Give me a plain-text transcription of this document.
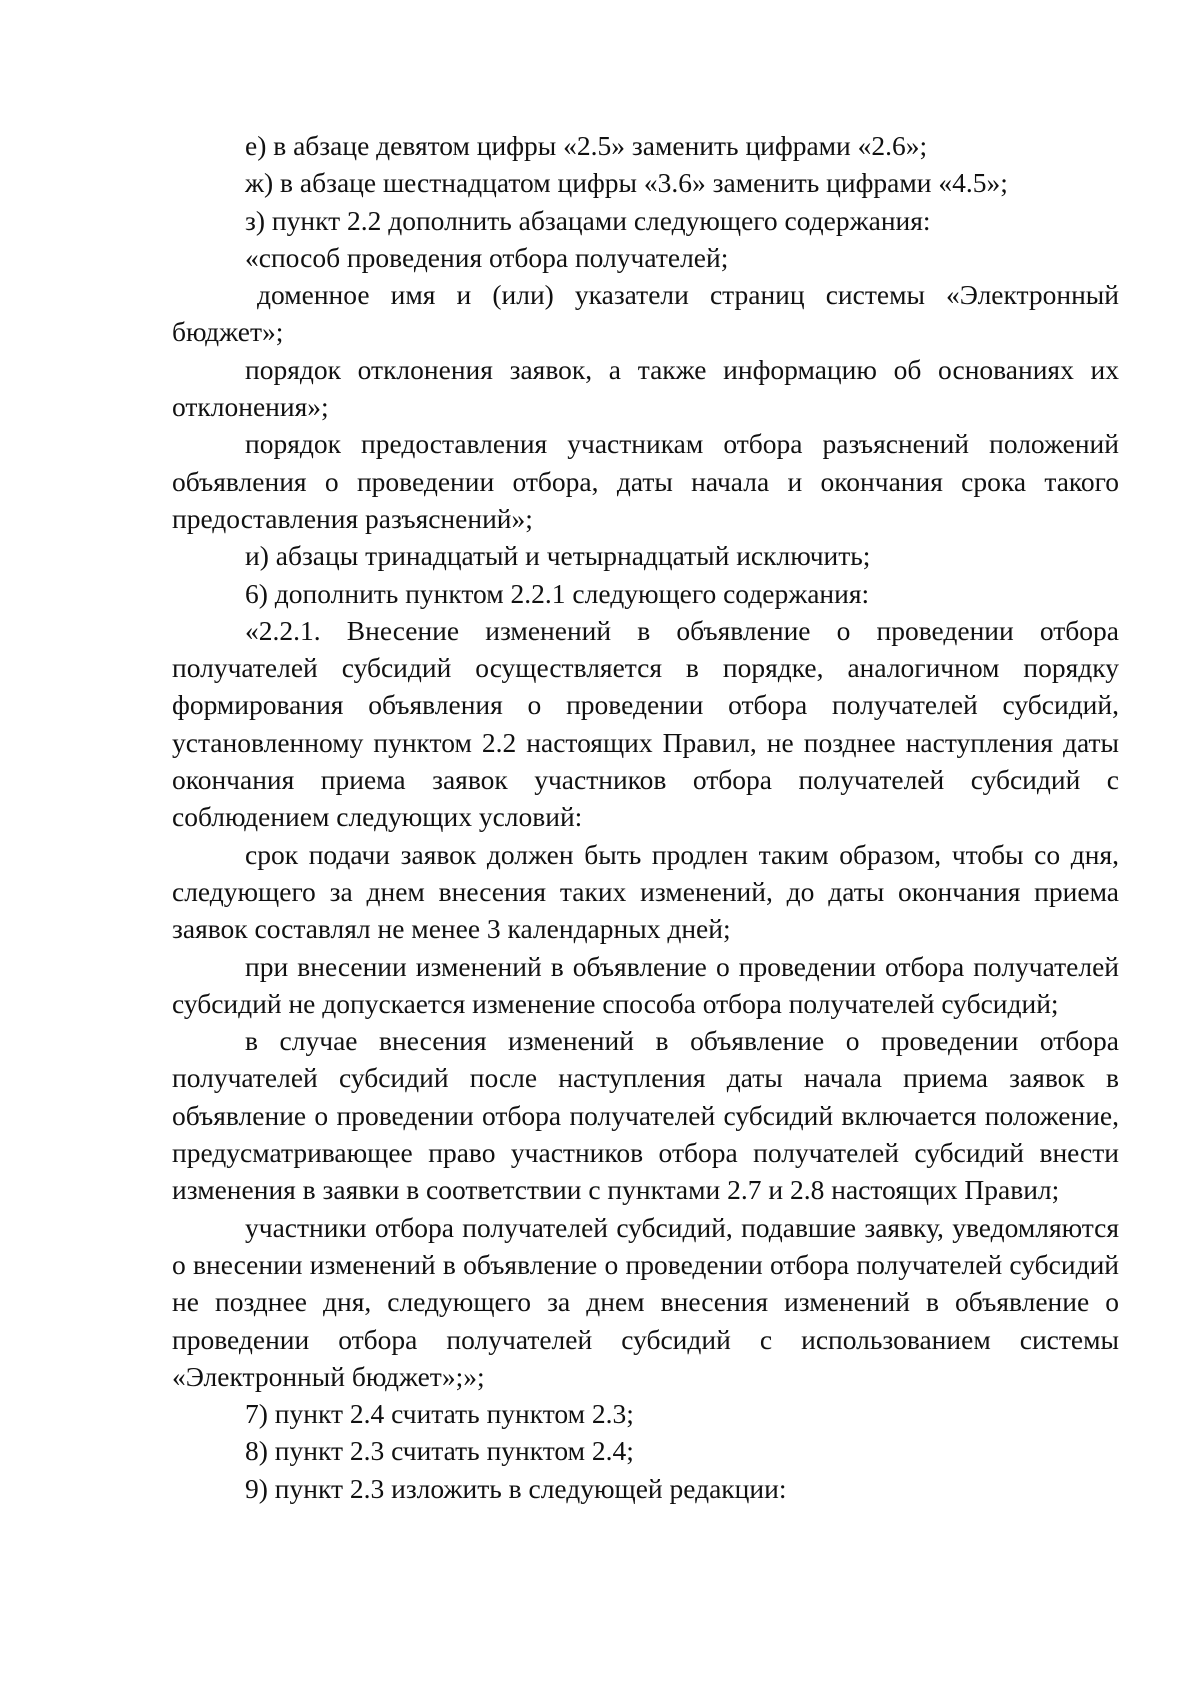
е) в абзаце девятом цифры «2.5» заменить цифрами «2.6»;

ж) в абзаце шестнадцатом цифры «3.6» заменить цифрами «4.5»;

з) пункт 2.2 дополнить абзацами следующего содержания:

«способ проведения отбора получателей;

доменное имя и (или) указатели страниц системы «Электронный бюджет»;

порядок отклонения заявок, а также информацию об основаниях их отклонения»;

порядок предоставления участникам отбора разъяснений положений объявления о проведении отбора, даты начала и окончания срока такого предоставления разъяснений»;

и) абзацы тринадцатый и четырнадцатый исключить;

6) дополнить пунктом 2.2.1 следующего содержания:

«2.2.1. Внесение изменений в объявление о проведении отбора получателей субсидий осуществляется в порядке, аналогичном порядку формирования объявления о проведении отбора получателей субсидий, установленному пунктом 2.2 настоящих Правил, не позднее наступления даты окончания приема заявок участников отбора получателей субсидий с соблюдением следующих условий:

срок подачи заявок должен быть продлен таким образом, чтобы со дня, следующего за днем внесения таких изменений, до даты окончания приема заявок составлял не менее 3 календарных дней;

при внесении изменений в объявление о проведении отбора получателей субсидий не допускается изменение способа отбора получателей субсидий;

в случае внесения изменений в объявление о проведении отбора получателей субсидий после наступления даты начала приема заявок в объявление о проведении отбора получателей субсидий включается положение, предусматривающее право участников отбора получателей субсидий внести изменения в заявки в соответствии с пунктами 2.7 и 2.8 настоящих Правил;

участники отбора получателей субсидий, подавшие заявку, уведомляются о внесении изменений в объявление о проведении отбора получателей субсидий не позднее дня, следующего за днем внесения изменений в объявление о проведении отбора получателей субсидий с использованием системы «Электронный бюджет»;»;

7) пункт 2.4 считать пунктом 2.3;

8) пункт 2.3 считать пунктом 2.4;

9) пункт 2.3 изложить в следующей редакции:
